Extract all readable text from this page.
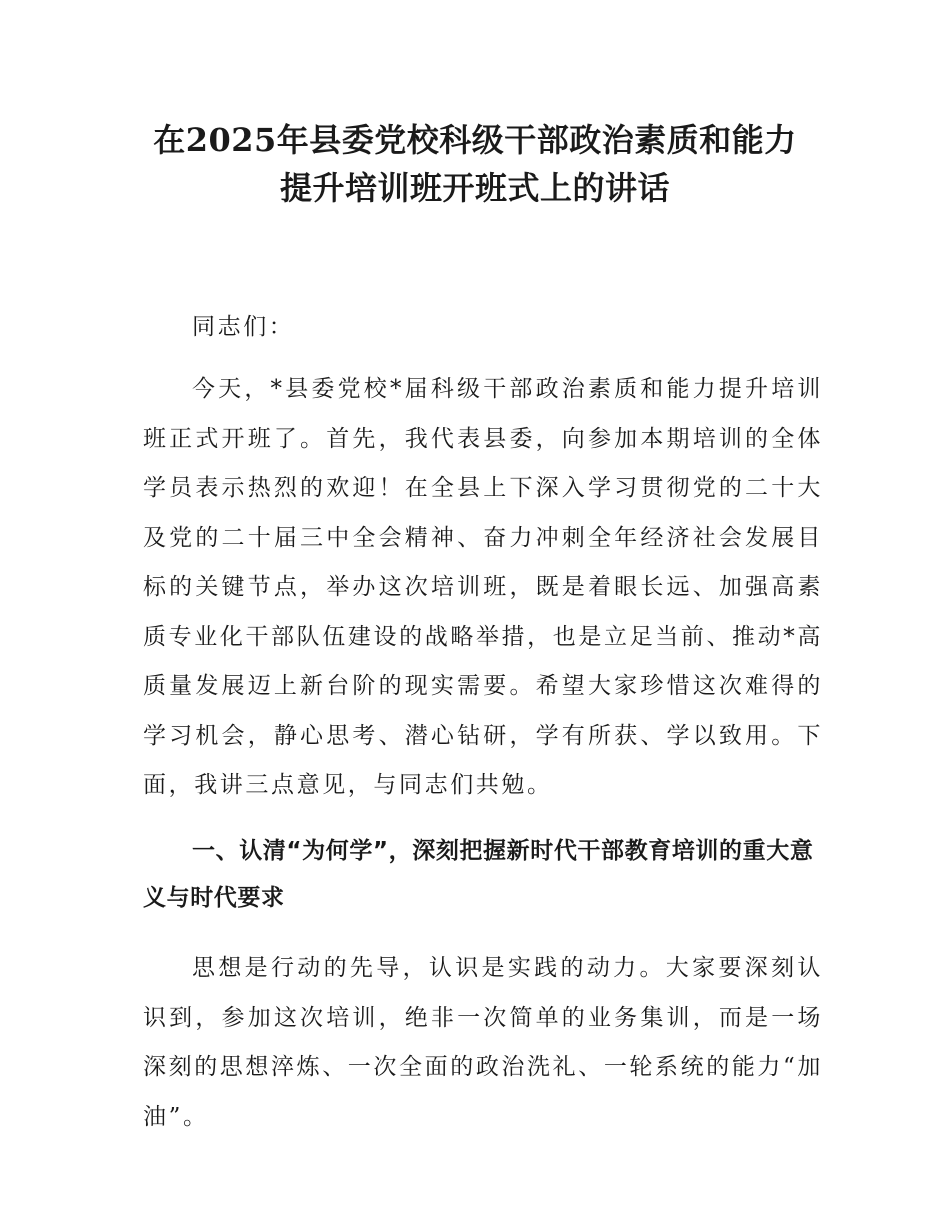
在2025年县委党校科级干部政治素质和能力
提升培训班开班式上的讲话

同志们：

今天，*县委党校*届科级干部政治素质和能力提升培训班正式开班了。首先，我代表县委，向参加本期培训的全体学员表示热烈的欢迎！在全县上下深入学习贯彻党的二十大及党的二十届三中全会精神、奋力冲刺全年经济社会发展目标的关键节点，举办这次培训班，既是着眼长远、加强高素质专业化干部队伍建设的战略举措，也是立足当前、推动*高质量发展迈上新台阶的现实需要。希望大家珍惜这次难得的学习机会，静心思考、潜心钻研，学有所获、学以致用。下面，我讲三点意见，与同志们共勉。

一、认清“为何学”，深刻把握新时代干部教育培训的重大意义与时代要求

思想是行动的先导，认识是实践的动力。大家要深刻认识到，参加这次培训，绝非一次简单的业务集训，而是一场深刻的思想淬炼、一次全面的政治洗礼、一轮系统的能力“加油”。
